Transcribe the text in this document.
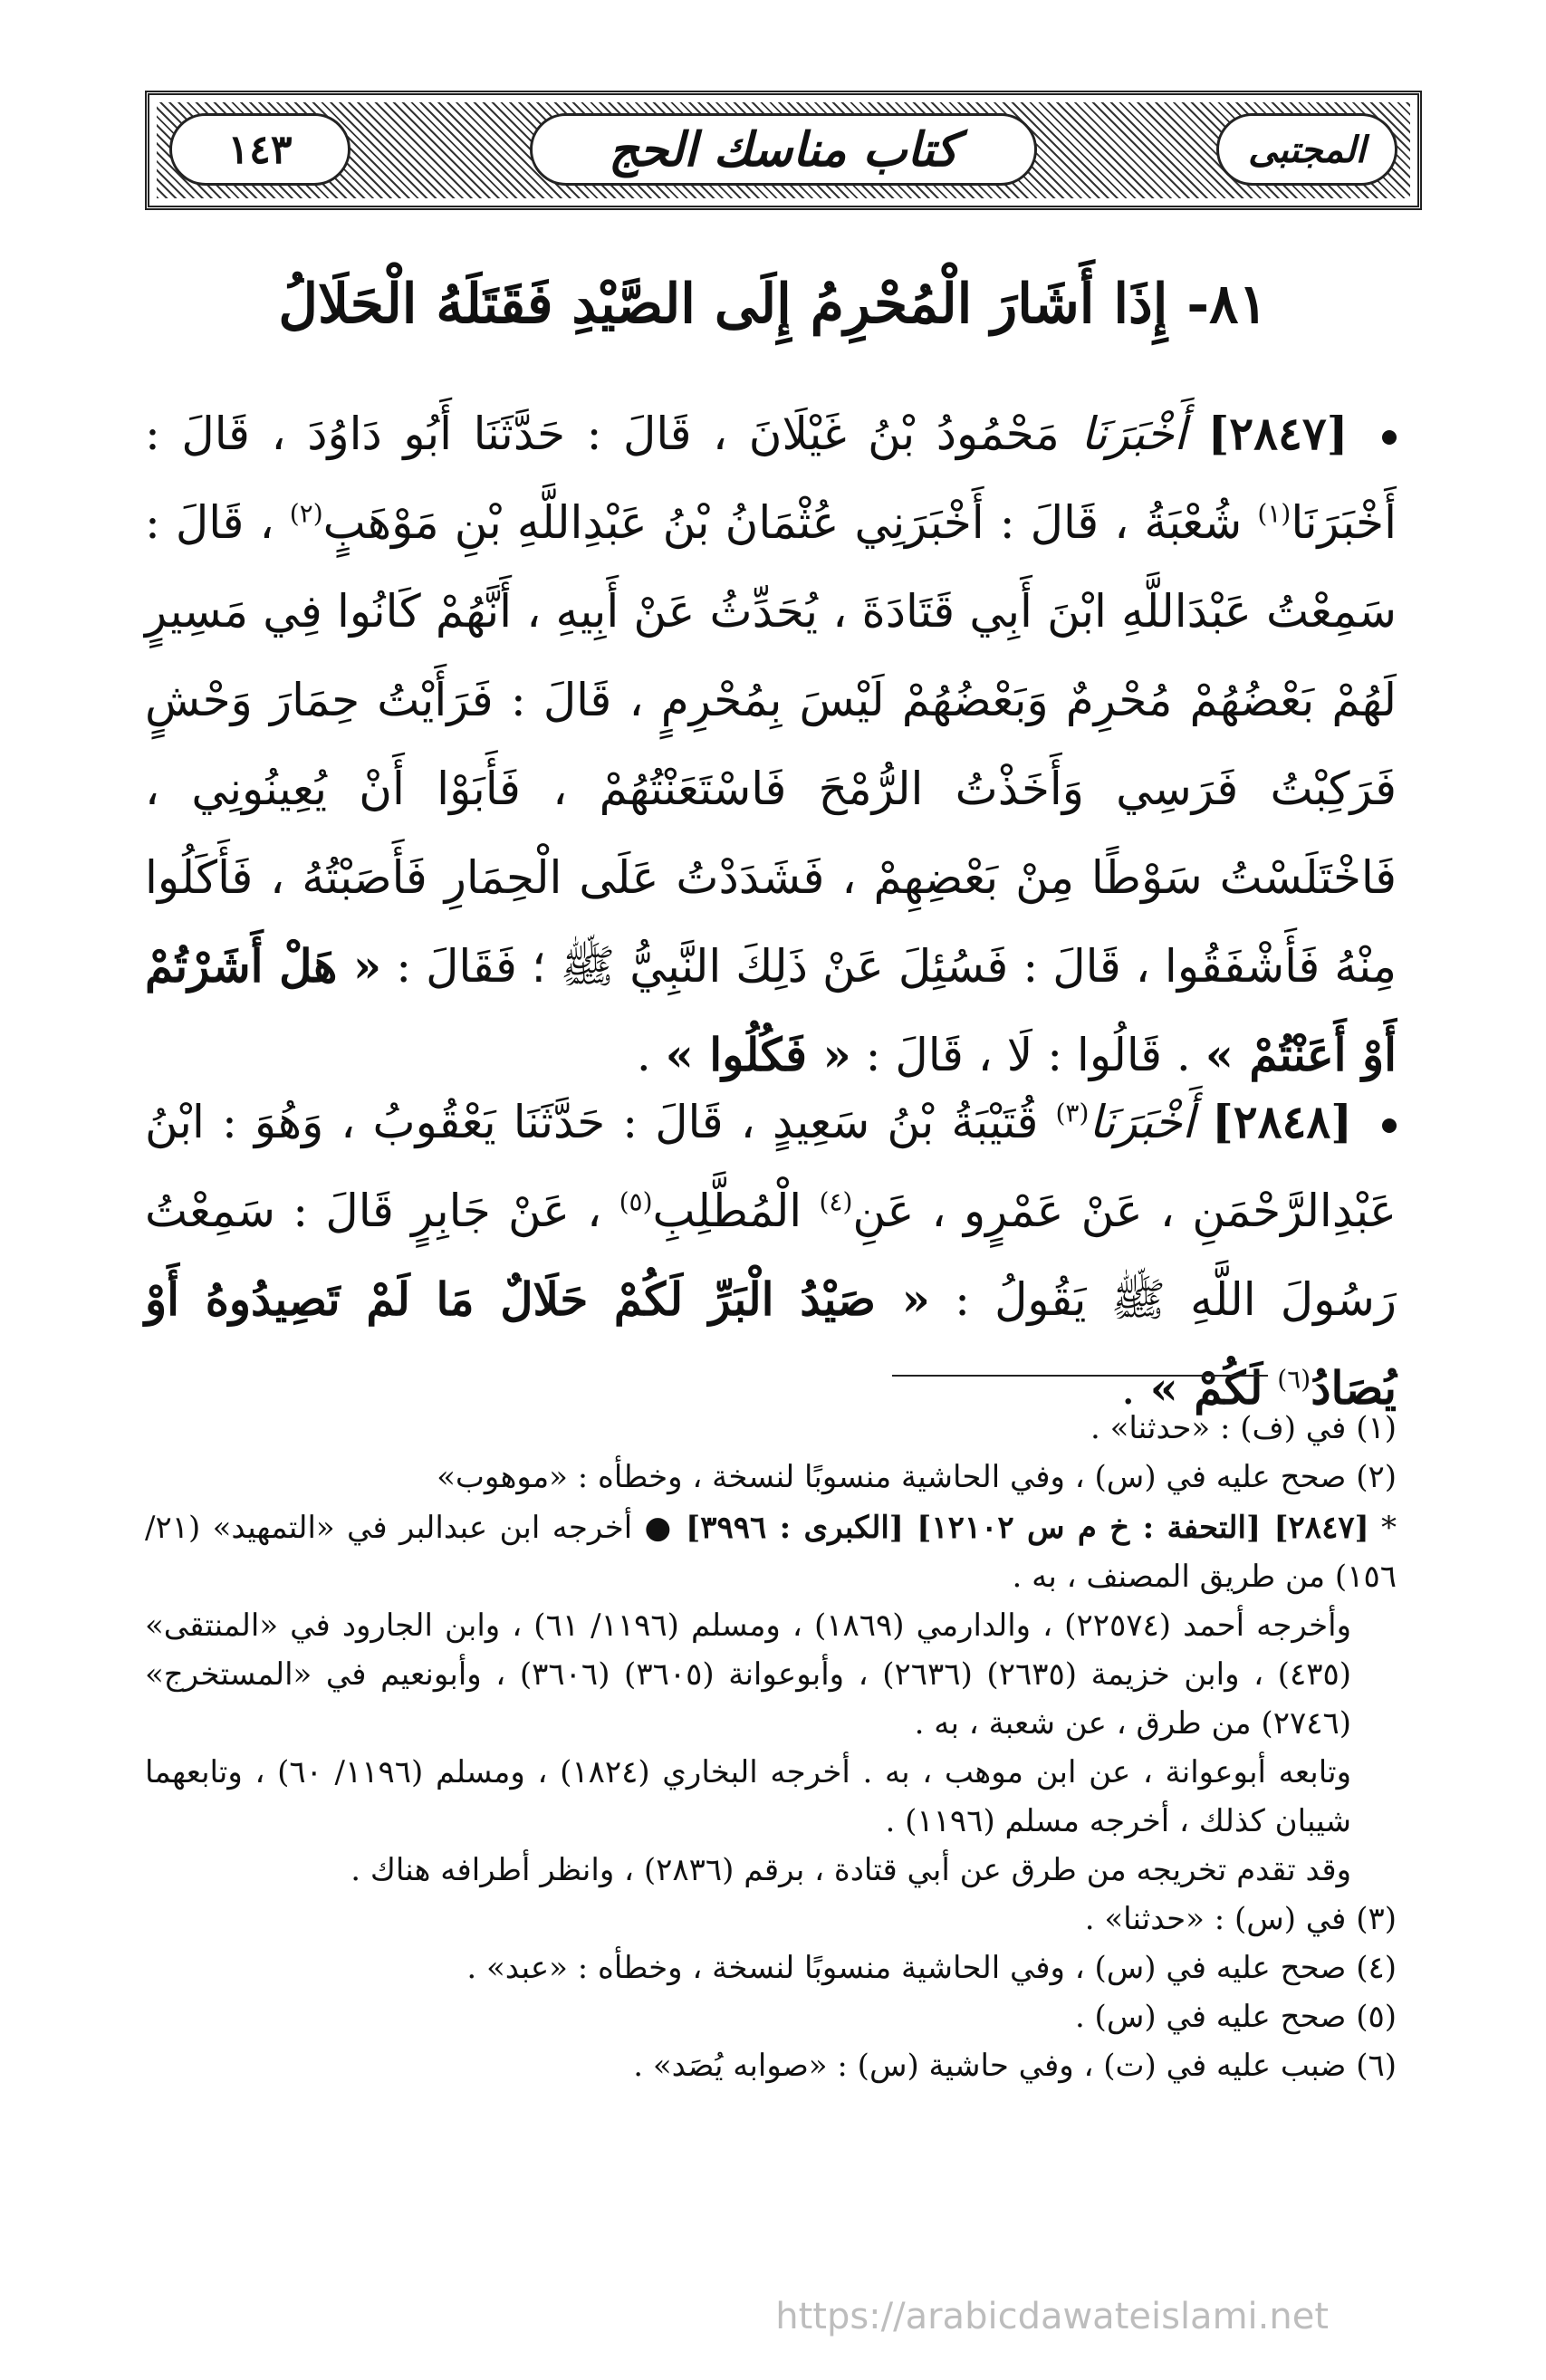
المجتبى
كتاب مناسك الحج
١٤٣
٨١- إِذَا أَشَارَ الْمُحْرِمُ إِلَى الصَّيْدِ فَقَتَلَهُ الْحَلَالُ
[٢٨٤٧] أَخْبَرَنَا مَحْمُودُ بْنُ غَيْلَانَ ، قَالَ : حَدَّثَنَا أَبُو دَاوُدَ ، قَالَ : أَخْبَرَنَا$^{(١)}$ شُعْبَةُ ، قَالَ : أَخْبَرَنِي عُثْمَانُ بْنُ عَبْدِاللَّهِ بْنِ مَوْهَبٍ$^{(٢)}$ ، قَالَ : سَمِعْتُ عَبْدَاللَّهِ ابْنَ أَبِي قَتَادَةَ ، يُحَدِّثُ عَنْ أَبِيهِ ، أَنَّهُمْ كَانُوا فِي مَسِيرٍ لَهُمْ بَعْضُهُمْ مُحْرِمٌ وَبَعْضُهُمْ لَيْسَ بِمُحْرِمٍ ، قَالَ : فَرَأَيْتُ حِمَارَ وَحْشٍ فَرَكِبْتُ فَرَسِي وَأَخَذْتُ الرُّمْحَ فَاسْتَعَنْتُهُمْ ، فَأَبَوْا أَنْ يُعِينُونِي ، فَاخْتَلَسْتُ سَوْطًا مِنْ بَعْضِهِمْ ، فَشَدَدْتُ عَلَى الْحِمَارِ فَأَصَبْتُهُ ، فَأَكَلُوا مِنْهُ فَأَشْفَقُوا ، قَالَ : فَسُئِلَ عَنْ ذَلِكَ النَّبِيُّ ﷺ ؛ فَقَالَ : « هَلْ أَشَرْتُمْ أَوْ أَعَنْتُمْ » . قَالُوا : لَا ، قَالَ : « فَكُلُوا » .
[٢٨٤٨] أَخْبَرَنَا$^{(٣)}$ قُتَيْبَةُ بْنُ سَعِيدٍ ، قَالَ : حَدَّثَنَا يَعْقُوبُ ، وَهُوَ : ابْنُ عَبْدِالرَّحْمَنِ ، عَنْ عَمْرٍو ، عَنِ$^{(٤)}$ الْمُطَّلِبِ$^{(٥)}$ ، عَنْ جَابِرٍ قَالَ : سَمِعْتُ رَسُولَ اللَّهِ ﷺ يَقُولُ : « صَيْدُ الْبَرِّ لَكُمْ حَلَالٌ مَا لَمْ تَصِيدُوهُ أَوْ يُصَادُ$^{(٦)}$ لَكُمْ » .

(١) في (ف) : «حدثنا» .

(٢) صحح عليه في (س) ، وفي الحاشية منسوبًا لنسخة ، وخطأه : «موهوب»

* [٢٨٤٧] [التحفة : خ م س ١٢١٠٢] [الكبرى : ٣٩٩٦] ● أخرجه ابن عبدالبر في «التمهيد» (٢١/ ١٥٦) من طريق المصنف ، به .

وأخرجه أحمد (٢٢٥٧٤) ، والدارمي (١٨٦٩) ، ومسلم (١١٩٦/ ٦١) ، وابن الجارود في «المنتقى» (٤٣٥) ، وابن خزيمة (٢٦٣٥) (٢٦٣٦) ، وأبوعوانة (٣٦٠٥) (٣٦٠٦) ، وأبونعيم في «المستخرج» (٢٧٤٦) من طرق ، عن شعبة ، به .

وتابعه أبوعوانة ، عن ابن موهب ، به . أخرجه البخاري (١٨٢٤) ، ومسلم (١١٩٦/ ٦٠) ، وتابعهما شيبان كذلك ، أخرجه مسلم (١١٩٦) .

وقد تقدم تخريجه من طرق عن أبي قتادة ، برقم (٢٨٣٦) ، وانظر أطرافه هناك .

(٣) في (س) : «حدثنا» .

(٤) صحح عليه في (س) ، وفي الحاشية منسوبًا لنسخة ، وخطأه : «عبد» .

(٥) صحح عليه في (س) .

(٦) ضبب عليه في (ت) ، وفي حاشية (س) : «صوابه يُصَد» .

https://arabicdawateislami.net
